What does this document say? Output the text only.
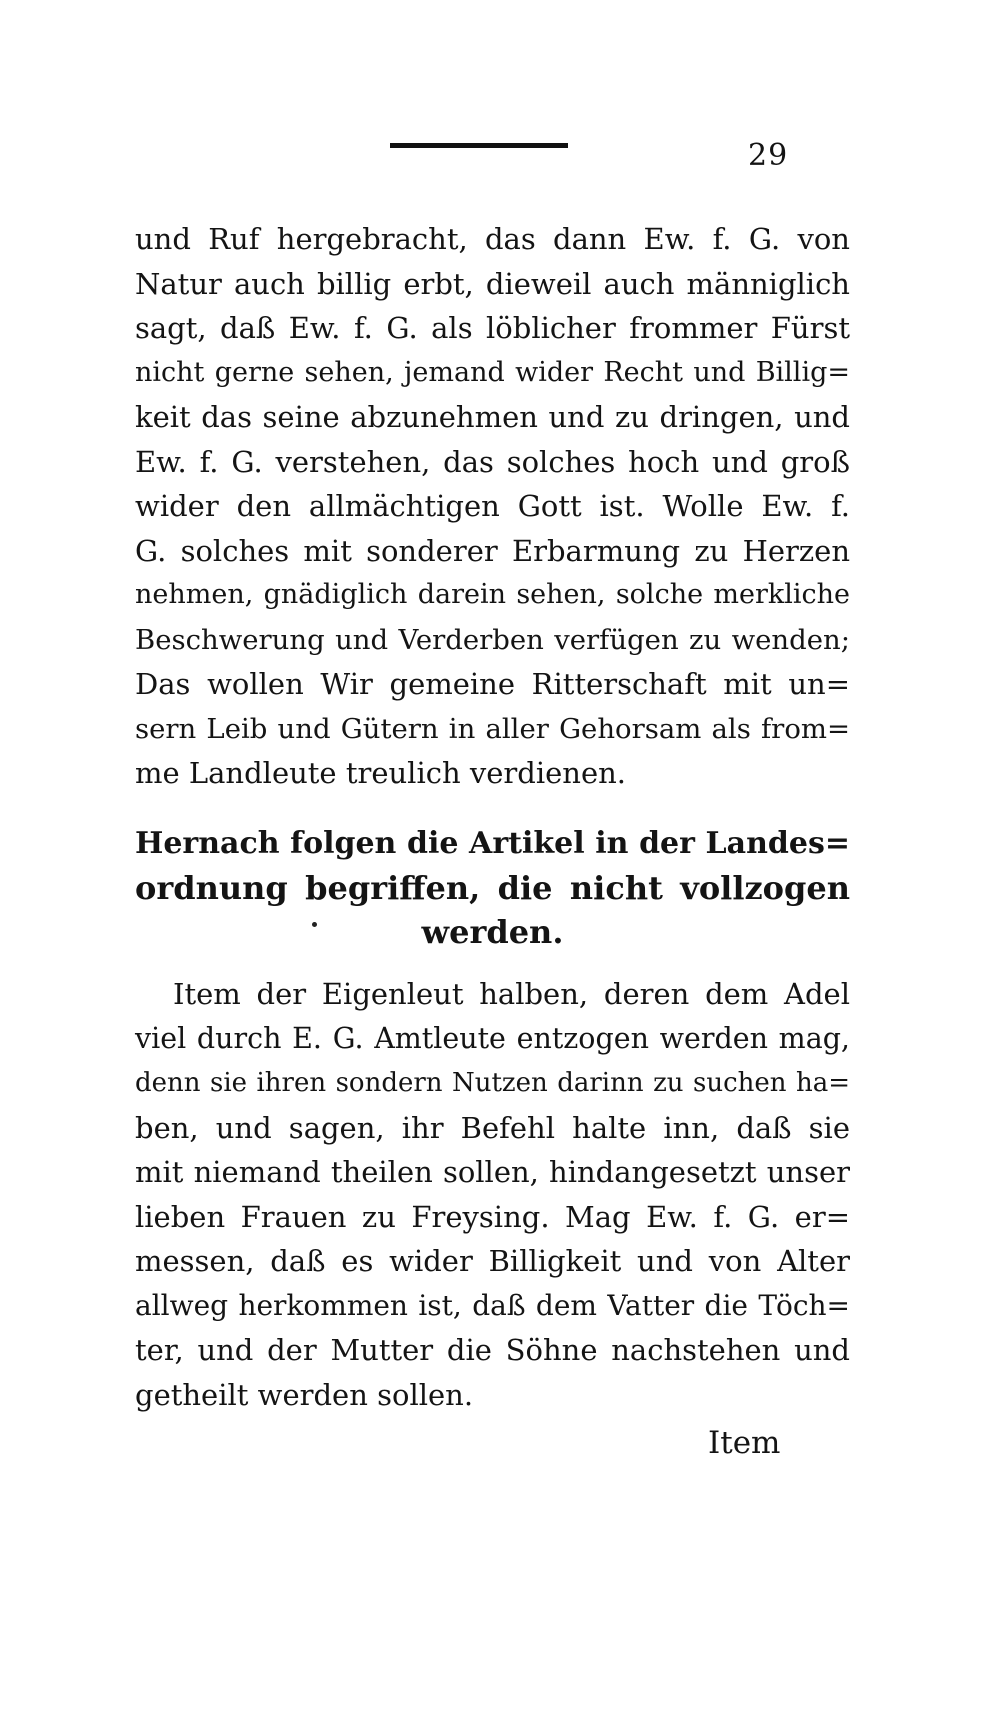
29
und Ruf hergebracht, das dann Ew. f. G. von
Natur auch billig erbt, dieweil auch männiglich
sagt, daß Ew. f. G. als löblicher frommer Fürst
nicht gerne sehen, jemand wider Recht und Billig=
keit das seine abzunehmen und zu dringen, und
Ew. f. G. verstehen, das solches hoch und groß
wider den allmächtigen Gott ist. Wolle Ew. f.
G. solches mit sonderer Erbarmung zu Herzen
nehmen, gnädiglich darein sehen, solche merkliche
Beschwerung und Verderben verfügen zu wenden;
Das wollen Wir gemeine Ritterschaft mit un=
sern Leib und Gütern in aller Gehorsam als from=
me Landleute treulich verdienen.
Hernach folgen die Artikel in der Landes=
ordnung begriffen, die nicht vollzogen
werden.
Item der Eigenleut halben, deren dem Adel
viel durch E. G. Amtleute entzogen werden mag,
denn sie ihren sondern Nutzen darinn zu suchen ha=
ben, und sagen, ihr Befehl halte inn, daß sie
mit niemand theilen sollen, hindangesetzt unser
lieben Frauen zu Freysing. Mag Ew. f. G. er=
messen, daß es wider Billigkeit und von Alter
allweg herkommen ist, daß dem Vatter die Töch=
ter, und der Mutter die Söhne nachstehen und
getheilt werden sollen.
Item
